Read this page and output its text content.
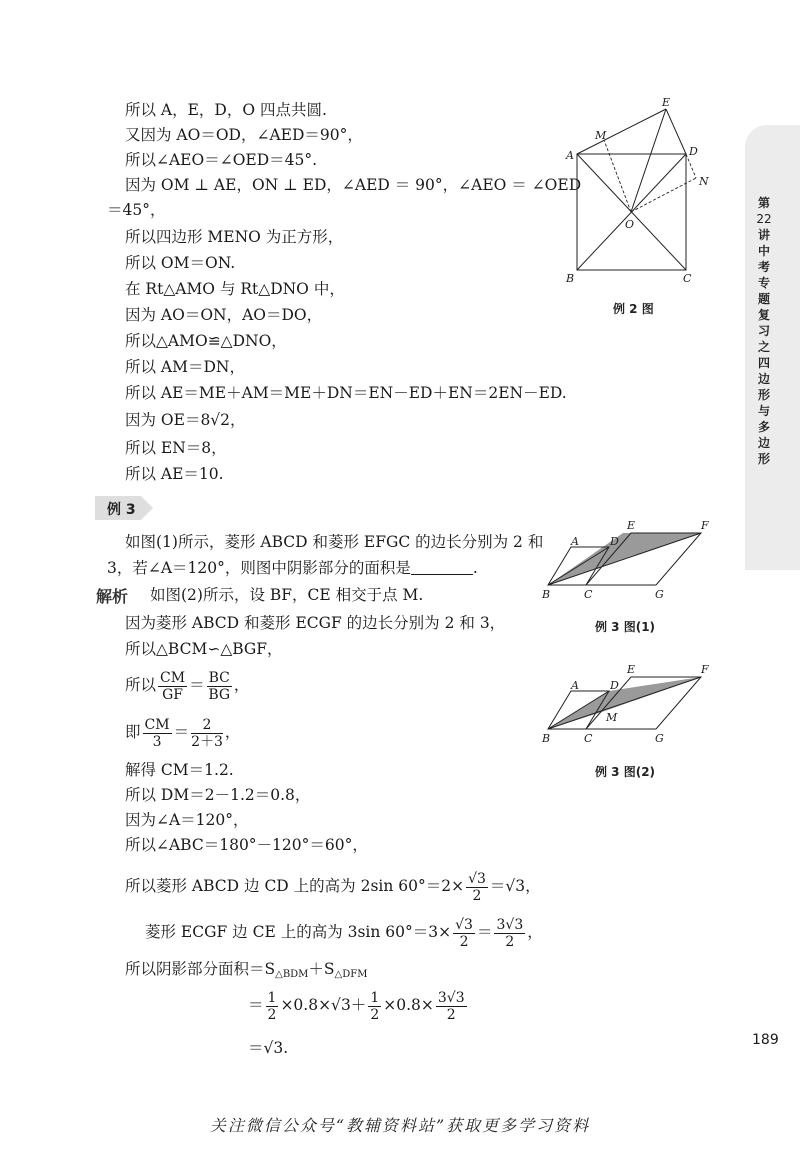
第
22
讲
中
考
专
题
复
习
之
四
边
形
与
多
边
形
所以 A，E，D，O 四点共圆.
又因为 AO＝OD，∠AED＝90°，
所以∠AEO＝∠OED＝45°.
因为 OM ⊥ AE，ON ⊥ ED，∠AED ＝ 90°，∠AEO ＝ ∠OED
＝45°，
所以四边形 MENO 为正方形，
所以 OM＝ON.
在 Rt△AMO 与 Rt△DNO 中，
因为 AO＝ON，AO＝DO，
所以△AMO≌△DNO，
所以 AM＝DN，
所以 AE＝ME＋AM＝ME＋DN＝EN－ED＋EN＝2EN－ED.
因为 OE＝8√2，
所以 EN＝8，
所以 AE＝10.
E
M
A	D
N
O
B	C
例 2 图
A	D
E	F
B	C	G
例 3 图(1)
A	D
E	F
M
B	C	G
例 3 图(2)
例 3
如图(1)所示，菱形 ABCD 和菱形 EFGC 的边长分别为 2 和
3，若∠A＝120°，则图中阴影部分的面积是	.
解析 如图(2)所示，设 BF，CE 相交于点 M.
因为菱形 ABCD 和菱形 ECGF 的边长分别为 2 和 3，
所以△BCM∽△BGF，
所以 $\frac{CM}{GF} = \frac{BC}{BG}$ ，
即 $\frac{CM}{3} = \frac{2}{2+3}$ ，
解得 CM＝1.2.
所以 DM＝2－1.2＝0.8，
因为∠A＝120°，
所以∠ABC＝180°－120°＝60°，
所以菱形 ABCD 边 CD 上的高为 2sin $60^\circ=2\times \frac{√3}{2} =√3$，
菱形 ECGF 边 CE 上的高为 3sin $60^\circ=3\times \frac{√3}{2} = \frac{3√3}{2}$ ，
所以阴影部分面积$=S_{\triangle BDM}+S_{\triangle DFM}$
＝ $\frac{1}{2} \times 0.8\times√3+ \frac{1}{2} \times 0.8\times \frac{3√3}{2}$
＝√3.	189
关注微信公众号“教辅资料站”获取更多学习资料
